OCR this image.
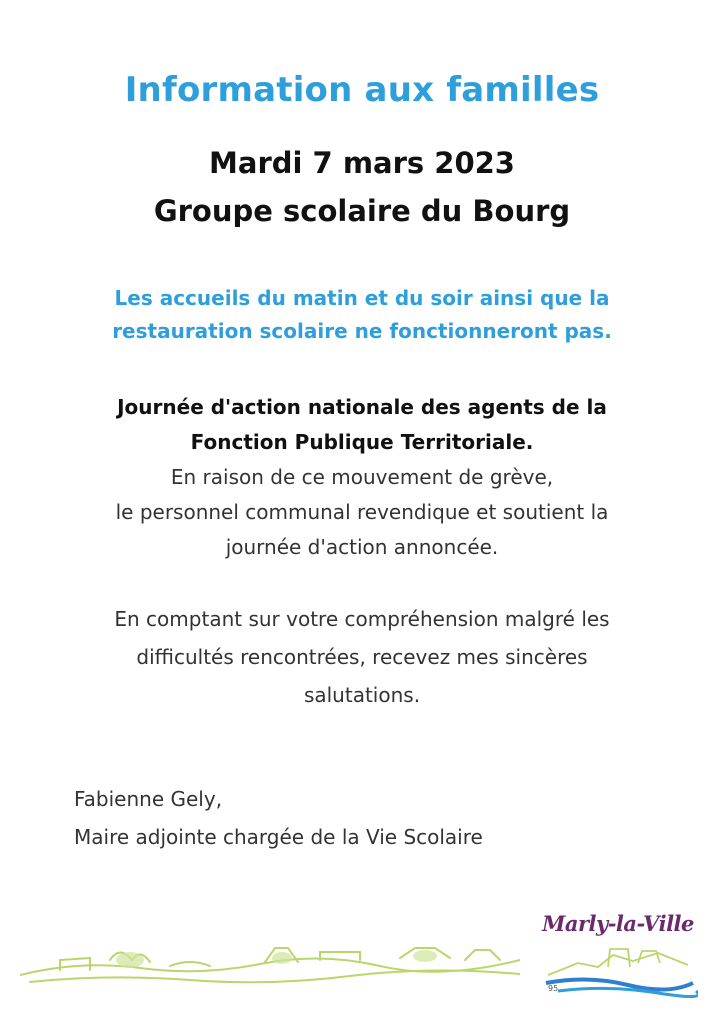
Information aux familles
Mardi 7 mars 2023
Groupe scolaire du Bourg
Les accueils du matin et du soir ainsi que la
restauration scolaire ne fonctionneront pas.
Journée d'action nationale des agents de la
Fonction Publique Territoriale.
En raison de ce mouvement de grève,
le personnel communal revendique et soutient la
journée d'action annoncée.
En comptant sur votre compréhension malgré les
difficultés rencontrées, recevez mes sincères
salutations.
Fabienne Gely,
Maire adjointe chargée de la Vie Scolaire
Marly-la-Ville
95
